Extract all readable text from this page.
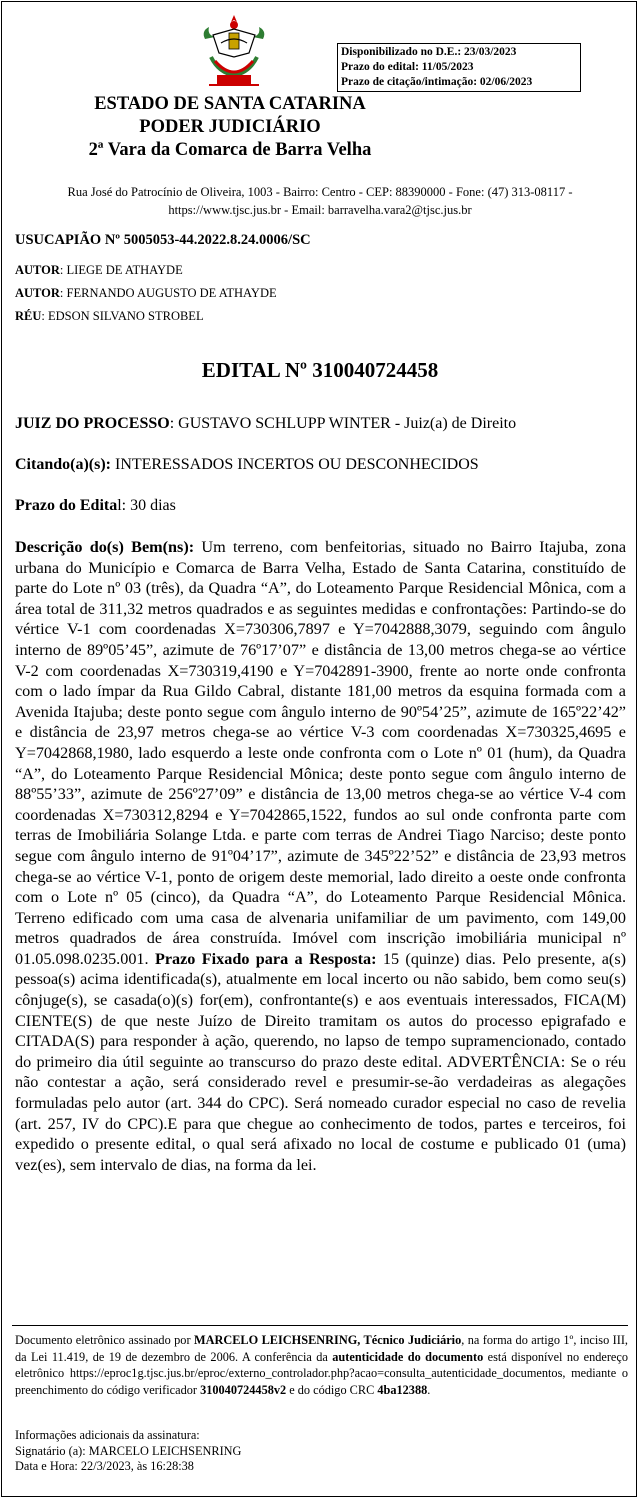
Disponibilizado no D.E.: 23/03/2023
Prazo do edital: 11/05/2023
Prazo de citação/intimação: 02/06/2023
ESTADO DE SANTA CATARINA
PODER JUDICIÁRIO
2ª Vara da Comarca de Barra Velha
Rua José do Patrocínio de Oliveira, 1003 - Bairro: Centro - CEP: 88390000 - Fone: (47) 313-08117 -
https://www.tjsc.jus.br - Email: barravelha.vara2@tjsc.jus.br
USUCAPIÃO Nº 5005053-44.2022.8.24.0006/SC
AUTOR: LIEGE DE ATHAYDE
AUTOR: FERNANDO AUGUSTO DE ATHAYDE
RÉU: EDSON SILVANO STROBEL
EDITAL Nº 310040724458
JUIZ DO PROCESSO: GUSTAVO SCHLUPP WINTER - Juiz(a) de Direito
Citando(a)(s): INTERESSADOS INCERTOS OU DESCONHECIDOS
Prazo do Edital: 30 dias
Descrição do(s) Bem(ns): Um terreno, com benfeitorias, situado no Bairro Itajuba, zona urbana do Município e Comarca de Barra Velha, Estado de Santa Catarina, constituído de parte do Lote nº 03 (três), da Quadra “A”, do Loteamento Parque Residencial Mônica, com a área total de 311,32 metros quadrados e as seguintes medidas e confrontações: Partindo-se do vértice V-1 com coordenadas X=730306,7897 e Y=7042888,3079, seguindo com ângulo interno de 89º05’45”, azimute de 76º17’07” e distância de 13,00 metros chega-se ao vértice V-2 com coordenadas X=730319,4190 e Y=7042891-3900, frente ao norte onde confronta com o lado ímpar da Rua Gildo Cabral, distante 181,00 metros da esquina formada com a Avenida Itajuba; deste ponto segue com ângulo interno de 90º54’25”, azimute de 165º22’42” e distância de 23,97 metros chega-se ao vértice V-3 com coordenadas X=730325,4695 e Y=7042868,1980, lado esquerdo a leste onde confronta com o Lote nº 01 (hum), da Quadra “A”, do Loteamento Parque Residencial Mônica; deste ponto segue com ângulo interno de 88º55’33”, azimute de 256º27’09” e distância de 13,00 metros chega-se ao vértice V-4 com coordenadas X=730312,8294 e Y=7042865,1522, fundos ao sul onde confronta parte com terras de Imobiliária Solange Ltda. e parte com terras de Andrei Tiago Narciso; deste ponto segue com ângulo interno de 91º04’17”, azimute de 345º22’52” e distância de 23,93 metros chega-se ao vértice V-1, ponto de origem deste memorial, lado direito a oeste onde confronta com o Lote nº 05 (cinco), da Quadra “A”, do Loteamento Parque Residencial Mônica. Terreno edificado com uma casa de alvenaria unifamiliar de um pavimento, com 149,00 metros quadrados de área construída. Imóvel com inscrição imobiliária municipal nº 01.05.098.0235.001. Prazo Fixado para a Resposta: 15 (quinze) dias. Pelo presente, a(s) pessoa(s) acima identificada(s), atualmente em local incerto ou não sabido, bem como seu(s) cônjuge(s), se casada(o)(s) for(em), confrontante(s) e aos eventuais interessados, FICA(M) CIENTE(S) de que neste Juízo de Direito tramitam os autos do processo epigrafado e CITADA(S) para responder à ação, querendo, no lapso de tempo supramencionado, contado do primeiro dia útil seguinte ao transcurso do prazo deste edital. ADVERTÊNCIA: Se o réu não contestar a ação, será considerado revel e presumir-se-ão verdadeiras as alegações formuladas pelo autor (art. 344 do CPC). Será nomeado curador especial no caso de revelia (art. 257, IV do CPC).E para que chegue ao conhecimento de todos, partes e terceiros, foi expedido o presente edital, o qual será afixado no local de costume e publicado 01 (uma) vez(es), sem intervalo de dias, na forma da lei.
Documento eletrônico assinado por MARCELO LEICHSENRING, Técnico Judiciário, na forma do artigo 1º, inciso III, da Lei 11.419, de 19 de dezembro de 2006. A conferência da autenticidade do documento está disponível no endereço eletrônico https://eproc1g.tjsc.jus.br/eproc/externo_controlador.php?acao=consulta_autenticidade_documentos, mediante o preenchimento do código verificador 310040724458v2 e do código CRC 4ba12388.
Informações adicionais da assinatura:
Signatário (a): MARCELO LEICHSENRING
Data e Hora: 22/3/2023, às 16:28:38
